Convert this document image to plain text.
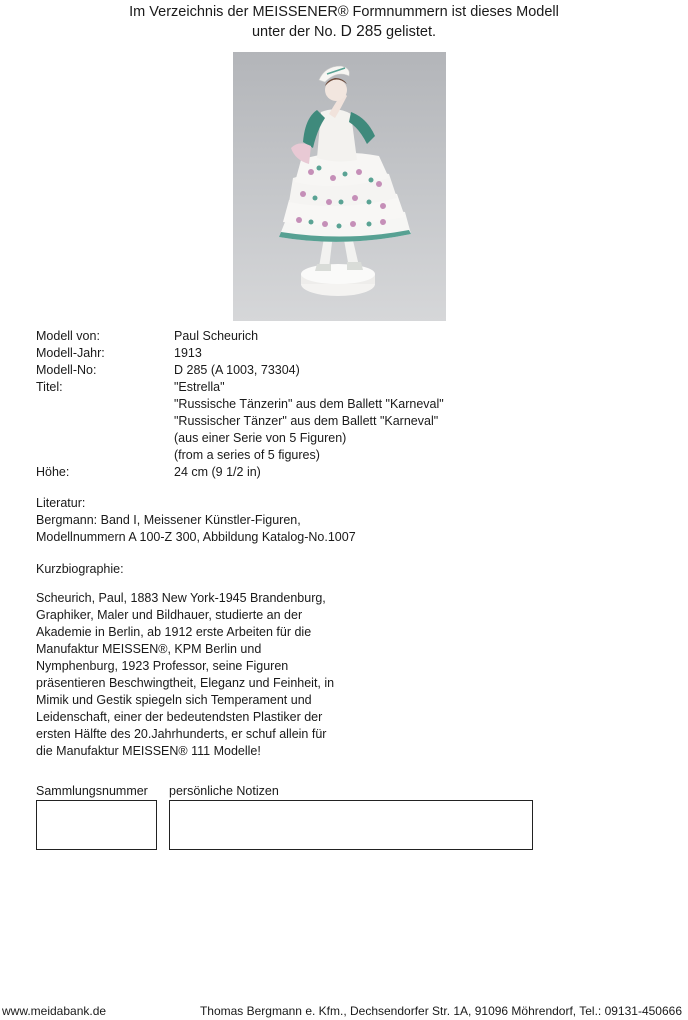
Im Verzeichnis der MEISSENER® Formnummern ist dieses Modell
unter der No. D 285 gelistet.
Modell von:	Paul Scheurich
Modell-Jahr:	1913
Modell-No:	D 285 (A 1003, 73304)
Titel:	"Estrella"
"Russische Tänzerin" aus dem Ballett "Karneval"
"Russischer Tänzer" aus dem Ballett "Karneval"
(aus einer Serie von 5 Figuren)
(from a series of 5 figures)
Höhe:	24 cm (9 1/2 in)
Literatur:
Bergmann: Band I, Meissener Künstler-Figuren,
Modellnummern A 100-Z 300, Abbildung Katalog-No.1007
Kurzbiographie:
Scheurich, Paul, 1883 New York-1945 Brandenburg,
Graphiker, Maler und Bildhauer, studierte an der
Akademie in Berlin, ab 1912 erste Arbeiten für die
Manufaktur MEISSEN®, KPM Berlin und
Nymphenburg, 1923 Professor, seine Figuren
präsentieren Beschwingtheit, Eleganz und Feinheit, in
Mimik und Gestik spiegeln sich Temperament und
Leidenschaft, einer der bedeutendsten Plastiker der
ersten Hälfte des 20.Jahrhunderts, er schuf allein für
die Manufaktur MEISSEN® 111 Modelle!
Sammlungsnummer persönliche Notizen
www.meidabank.de	Thomas Bergmann e. Kfm., Dechsendorfer Str. 1A, 91096 Möhrendorf, Tel.: 09131-450666
